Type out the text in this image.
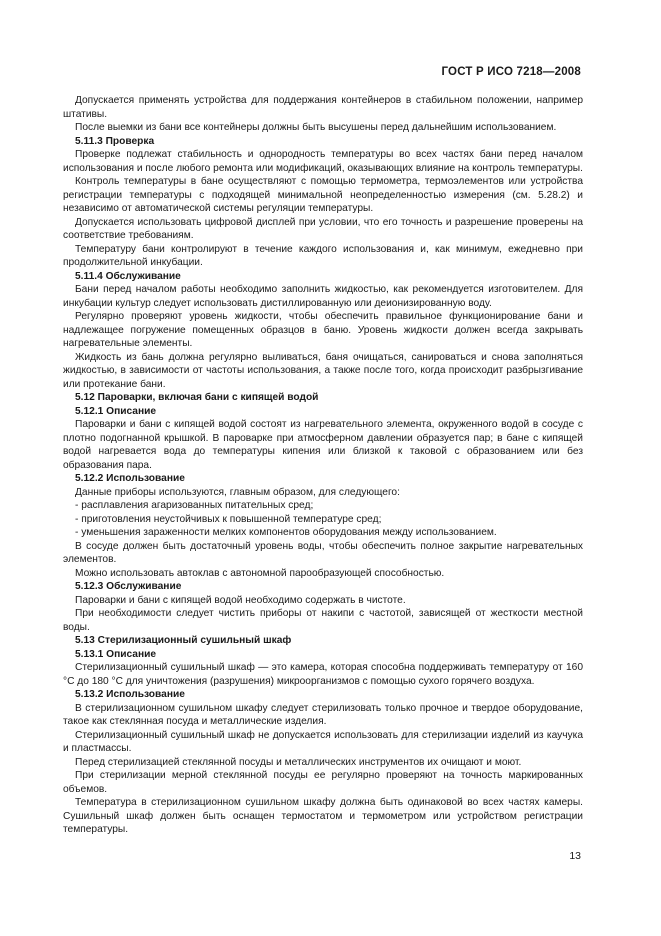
ГОСТ Р ИСО 7218—2008

Допускается применять устройства для поддержания контейнеров в стабильном положении, например штативы.

После выемки из бани все контейнеры должны быть высушены перед дальнейшим использованием.

5.11.3 Проверка

Проверке подлежат стабильность и однородность температуры во всех частях бани перед началом использования и после любого ремонта или модификаций, оказывающих влияние на контроль температуры.

Контроль температуры в бане осуществляют с помощью термометра, термоэлементов или устройства регистрации температуры с подходящей минимальной неопределенностью измерения (см. 5.28.2) и независимо от автоматической системы регуляции температуры.

Допускается использовать цифровой дисплей при условии, что его точность и разрешение проверены на соответствие требованиям.

Температуру бани контролируют в течение каждого использования и, как минимум, ежедневно при продолжительной инкубации.

5.11.4 Обслуживание

Бани перед началом работы необходимо заполнить жидкостью, как рекомендуется изготовителем. Для инкубации культур следует использовать дистиллированную или деионизированную воду.

Регулярно проверяют уровень жидкости, чтобы обеспечить правильное функционирование бани и надлежащее погружение помещенных образцов в баню. Уровень жидкости должен всегда закрывать нагревательные элементы.

Жидкость из бань должна регулярно выливаться, баня очищаться, санироваться и снова заполняться жидкостью, в зависимости от частоты использования, а также после того, когда происходит разбрызгивание или протекание бани.

5.12 Пароварки, включая бани с кипящей водой
5.12.1 Описание

Пароварки и бани с кипящей водой состоят из нагревательного элемента, окруженного водой в сосуде с плотно подогнанной крышкой. В пароварке при атмосферном давлении образуется пар; в бане с кипящей водой нагревается вода до температуры кипения или близкой к таковой с образованием или без образования пара.

5.12.2 Использование

Данные приборы используются, главным образом, для следующего:

- расплавления агаризованных питательных сред;

- приготовления неустойчивых к повышенной температуре сред;

- уменьшения зараженности мелких компонентов оборудования между использованием.

В сосуде должен быть достаточный уровень воды, чтобы обеспечить полное закрытие нагревательных элементов.

Можно использовать автоклав с автономной парообразующей способностью.

5.12.3 Обслуживание

Пароварки и бани с кипящей водой необходимо содержать в чистоте.

При необходимости следует чистить приборы от накипи с частотой, зависящей от жесткости местной воды.

5.13 Стерилизационный сушильный шкаф
5.13.1 Описание

Стерилизационный сушильный шкаф — это камера, которая способна поддерживать температуру от 160 °С до 180 °С для уничтожения (разрушения) микроорганизмов с помощью сухого горячего воздуха.

5.13.2 Использование

В стерилизационном сушильном шкафу следует стерилизовать только прочное и твердое оборудование, такое как стеклянная посуда и металлические изделия.

Стерилизационный сушильный шкаф не допускается использовать для стерилизации изделий из каучука и пластмассы.

Перед стерилизацией стеклянной посуды и металлических инструментов их очищают и моют.

При стерилизации мерной стеклянной посуды ее регулярно проверяют на точность маркированных объемов.

Температура в стерилизационном сушильном шкафу должна быть одинаковой во всех частях камеры. Сушильный шкаф должен быть оснащен термостатом и термометром или устройством регистрации температуры.

13
